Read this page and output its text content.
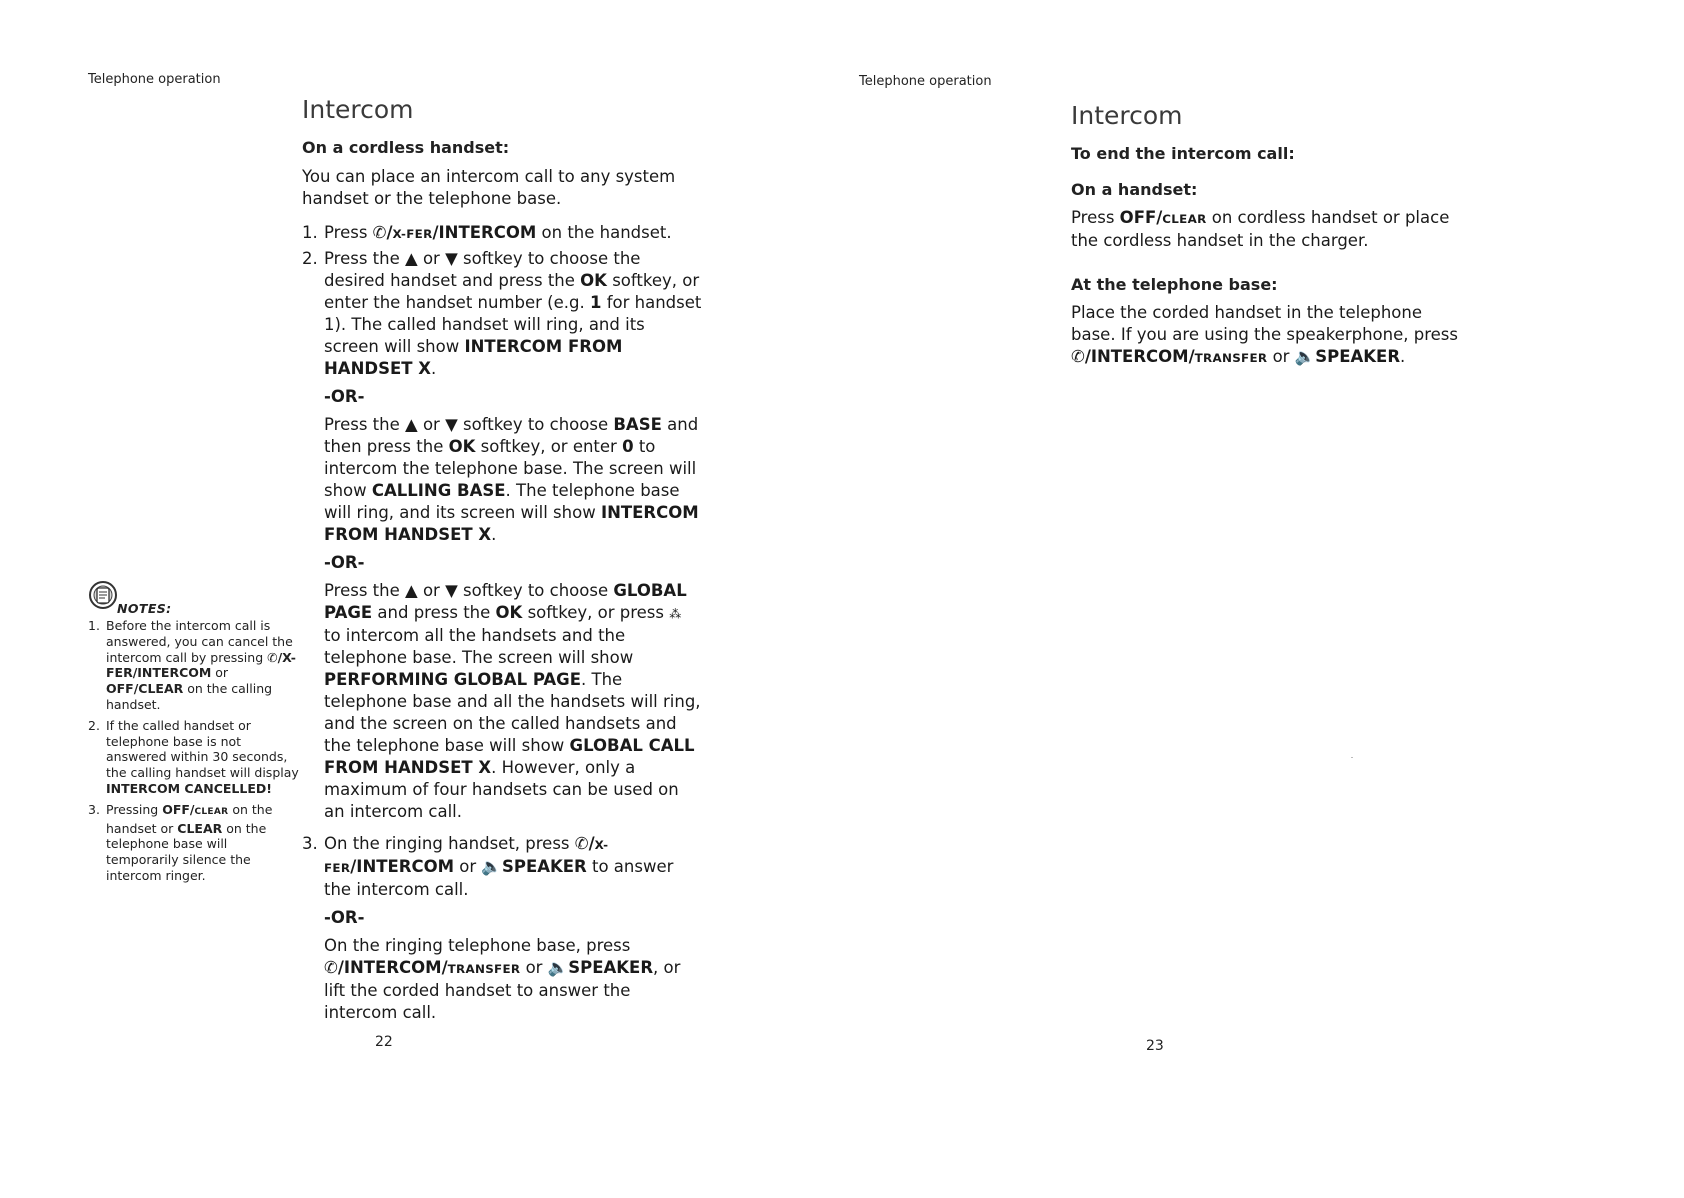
Telephone operation
Intercom

On a cordless handset:

You can place an intercom call to any system handset or the telephone base.

1. Press ✆/X-FER/INTERCOM on the handset.
2. Press the ▲ or ▼ softkey to choose the desired handset and press the OK softkey, or enter the handset number (e.g. 1 for handset 1). The called handset will ring, and its screen will show INTERCOM FROM HANDSET X.
-OR-
Press the ▲ or ▼ softkey to choose BASE and then press the OK softkey, or enter 0 to intercom the telephone base. The screen will show CALLING BASE. The telephone base will ring, and its screen will show INTERCOM FROM HANDSET X.
-OR-
Press the ▲ or ▼ softkey to choose GLOBAL PAGE and press the OK softkey, or press ⁂ to intercom all the handsets and the telephone base. The screen will show PERFORMING GLOBAL PAGE. The telephone base and all the handsets will ring, and the screen on the called handsets and the telephone base will show GLOBAL CALL FROM HANDSET X. However, only a maximum of four handsets can be used on an intercom call.
3. On the ringing handset, press ✆/X-FER/INTERCOM or 🔈SPEAKER to answer the intercom call.
-OR-
On the ringing telephone base, press ✆/INTERCOM/TRANSFER or 🔈SPEAKER, or lift the corded handset to answer the intercom call.
NOTES:
1. Before the intercom call is answered, you can cancel the intercom call by pressing ✆/X-FER/INTERCOM or OFF/CLEAR on the calling handset.
2. If the called handset or telephone base is not answered within 30 seconds, the calling handset will display INTERCOM CANCELLED!
3. Pressing OFF/CLEAR on the handset or CLEAR on the telephone base will temporarily silence the intercom ringer.
22
Telephone operation
Intercom

To end the intercom call:

On a handset:

Press OFF/CLEAR on cordless handset or place the cordless handset in the charger.

At the telephone base:

Place the corded handset in the telephone base. If you are using the speakerphone, press ✆/INTERCOM/TRANSFER or 🔈SPEAKER.

23
